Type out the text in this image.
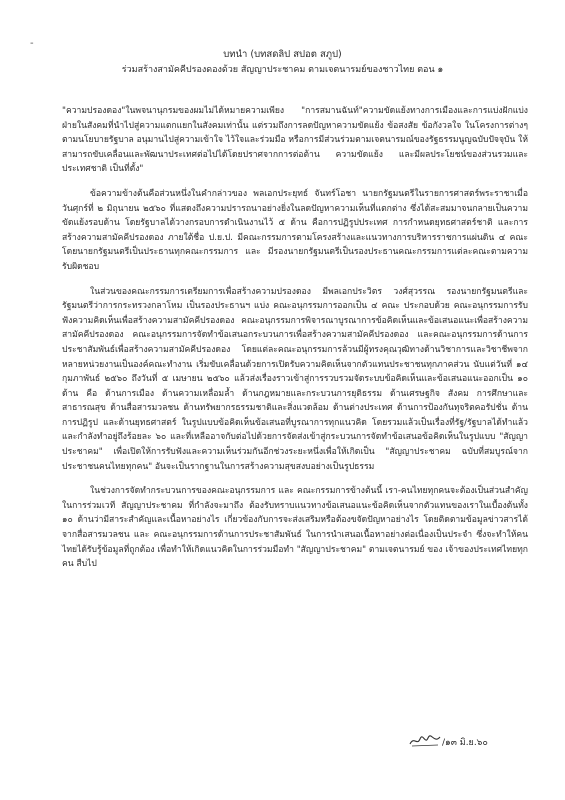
-
บทนำ (บทสดลิป สปอต สภูป)
ร่วมสร้างสามัคคีปรองดองด้วย สัญญาประชาคม ตามเจตนารมย์ของชาวไทย ตอน ๑

"ความปรองดอง"ในพจนานุกรมของผมไม่ได้หมายความเพียง "การสมานฉันท์"ความขัดแย้งทางการเมืองและการแบ่งฝักแบ่งฝ่ายในสังคมที่นำไปสู่ความแตกแยกในสังคมเท่านั้น แต่รวมถึงการลดปัญหาความขัดแย้ง ข้อสงสัย ข้อกังวลใจ ในโครงการต่างๆตามนโยบายรัฐบาล อนุมานไปสู่ความเข้าใจ ไว้ใจและร่วมมือ หรือการมีส่วนร่วมตามเจตนารมณ์ของรัฐธรรมนูญฉบับปัจจุบัน ให้สามารถขับเคลื่อนและพัฒนาประเทศต่อไปได้โดยปราศจากการต่อต้าน ความขัดแย้ง และมีผลประโยชน์ของส่วนรวมและประเทศชาติ เป็นที่ตั้ง"

ข้อความข้างต้นคือส่วนหนึ่งในคำกล่าวของ พลเอกประยุทธ์ จันทร์โอชา นายกรัฐมนตรีในรายการศาสตร์พระราชาเมื่อวันศุกร์ที่ ๒ มิถุนายน ๒๕๖๐ ที่แสดงถึงความปรารถนาอย่างยิ่งในลดปัญหาความเห็นที่แตกต่าง ซึ่งได้สะสมมาจนกลายเป็นความขัดแย้งรอบด้าน โดยรัฐบาลได้วางกรอบการดำเนินงานไว้ ๕ ด้าน คือการปฏิรูปประเทศ การกำหนดยุทธศาสตร์ชาติ และการสร้างความสามัคคีปรองดอง ภายใต้ชื่อ ป.ย.ป. มีคณะกรรมการตามโครงสร้างและแนวทางการบริหารราชการแผ่นดิน ๔ คณะ โดยนายกรัฐมนตรีเป็นประธานทุกคณะกรรมการ และ มีรองนายกรัฐมนตรีเป็นรองประธานคณะกรรมการแต่ละคณะตามความรับผิดชอบ

ในส่วนของคณะกรรมการเตรียมการเพื่อสร้างความปรองดอง มีพลเอกประวิตร วงศ์สุวรรณ รองนายกรัฐมนตรีและรัฐมนตรีว่าการกระทรวงกลาโหม เป็นรองประธานฯ แบ่ง คณะอนุกรรมการออกเป็น ๔ คณะ ประกอบด้วย คณะอนุกรรมการรับฟังความคิดเห็นเพื่อสร้างความสามัคคีปรองดอง คณะอนุกรรมการพิจารณาบูรณาการข้อคิดเห็นและข้อเสนอแนะเพื่อสร้างความสามัคคีปรองดอง คณะอนุกรรมการจัดทำข้อเสนอกระบวนการเพื่อสร้างความสามัคคีปรองดอง และคณะอนุกรรมการด้านการประชาสัมพันธ์เพื่อสร้างความสามัคคีปรองดอง โดยแต่ละคณะอนุกรรมการล้วนมีผู้ทรงคุณวุฒิทางด้านวิชาการและวิชาชีพจากหลายหน่วยงานเป็นองค์คณะทำงาน เริ่มขับเคลื่อนด้วยการเปิดรับความคิดเห็นจากตัวแทนประชาชนทุกภาคส่วน นับแต่วันที่ ๑๔ กุมภาพันธ์ ๒๕๖๐ ถึงวันที่ ๕ เมษายน ๒๕๖๐ แล้วส่งเรื่องราวเข้าสู่การรวบรวมจัดระบบข้อคิดเห็นและข้อเสนอแนะออกเป็น ๑๐ ด้าน คือ ด้านการเมือง ด้านความเหลื่อมล้ำ ด้านกฎหมายและกระบวนการยุติธรรม ด้านเศรษฐกิจ สังคม การศึกษาและสาธารณสุข ด้านสื่อสารมวลชน ด้านทรัพยากรธรรมชาติและสิ่งแวดล้อม ด้านต่างประเทศ ด้านการป้องกันทุจริตคอรัปชั่น ด้านการปฏิรูป และด้านยุทธศาสตร์ ในรูปแบบข้อคิดเห็นข้อเสนอที่บูรณาการทุกแนวคิด โดยรวมแล้วเป็นเรื่องที่รัฐ/รัฐบาลได้ทำแล้วและกำลังทำอยู่ถึงร้อยละ ๖๐ และที่เหลืออาจกับต่อไปด้วยการจัดส่งเข้าสู่กระบวนการจัดทำข้อเสนอข้อคิดเห็นในรูปแบบ "สัญญาประชาคม" เพื่อเปิดให้การรับฟังและความเห็นร่วมกันอีกช่วงระยะหนึ่งเพื่อให้เกิดเป็น "สัญญาประชาคม ฉบับที่สมบูรณ์จากประชาชนคนไทยทุกคน" อันจะเป็นรากฐานในการสร้างความสุขสงบอย่างเป็นรูปธรรม

ในช่วงการจัดทำกระบวนการของคณะอนุกรรมการ และ คณะกรรมการข้างต้นนี้ เรา-คนไทยทุกคนจะต้องเป็นส่วนสำคัญในการร่วมเวที สัญญาประชาคม ที่กำลังจะมาถึง ต้องรับทราบแนวทางข้อเสนอแนะข้อคิดเห็นจากตัวแทนของเราในเบื้องต้นทั้ง ๑๐ ด้านว่ามีสาระสำคัญและเนื้อหาอย่างไร เกี่ยวข้องกับการจะส่งเสริมหรือต้องขจัดปัญหาอย่างไร โดยติดตามข้อมูลข่าวสารได้จากสื่อสารมวลชน และ คณะอนุกรรมการด้านการประชาสัมพันธ์ ในการนำเสนอเนื้อหาอย่างต่อเนื่องเป็นประจำ ซึ่งจะทำให้คนไทยได้รับรู้ข้อมูลที่ถูกต้อง เพื่อทำให้เกิดแนวคิดในการร่วมมือทำ "สัญญาประชาคม" ตามเจตนารมย์ ของ เจ้าของประเทศไทยทุกคน สืบไป

/๑๓ มิ.ย.๖๐
